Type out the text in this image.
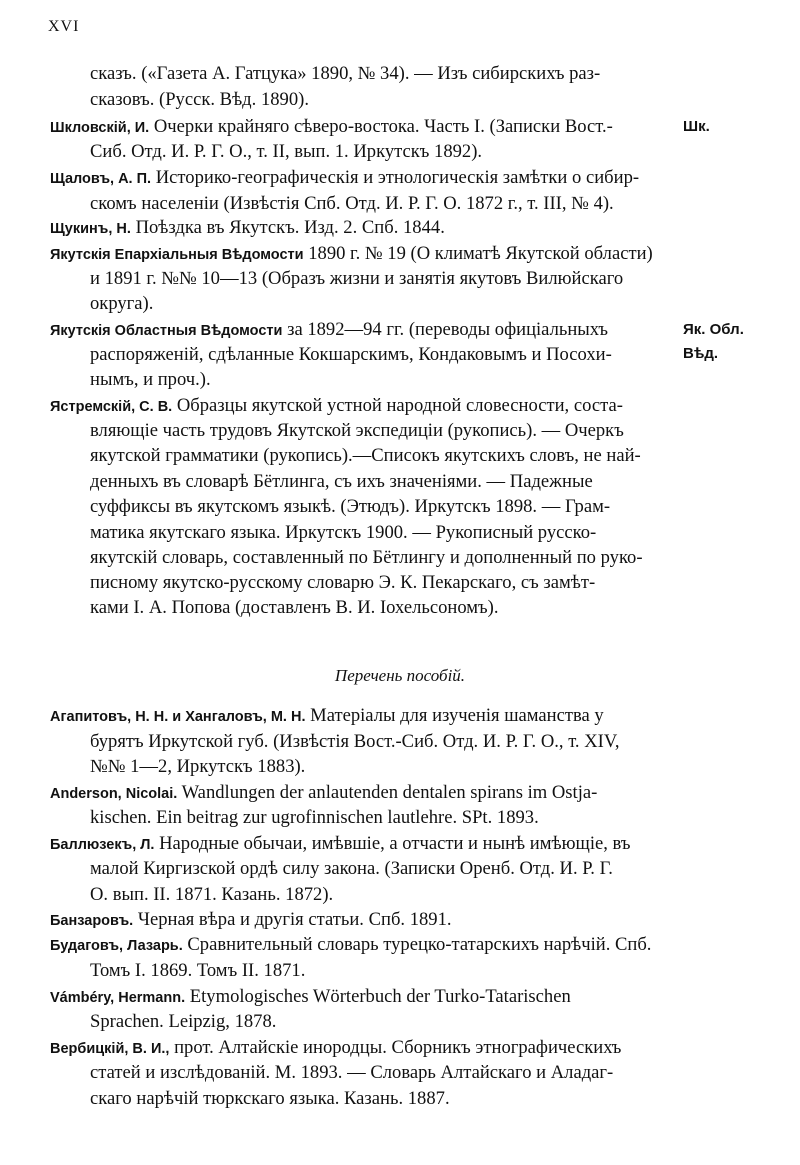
XVI
сказъ. («Газета А. Гатцука» 1890, № 34). — Изъ сибирскихъ раз-
сказовъ. (Русск. Вѣд. 1890).
Шкловскій, И. Очерки крайняго сѣверо-востока. Часть I. (Записки Вост.-	Шк.
Сиб. Отд. И. Р. Г. О., т. II, вып. 1. Иркутскъ 1892).
Щаловъ, А. П. Историко-географическія и этнологическія замѣтки о сибир-
скомъ населеніи (Извѣстія Спб. Отд. И. Р. Г. О. 1872 г., т. III, № 4).
Щукинъ, Н. Поѣздка въ Якутскъ. Изд. 2. Спб. 1844.
Якутскія Епархіальныя Вѣдомости 1890 г. № 19 (О климатѣ Якутской области)
и 1891 г. №№ 10—13 (Образъ жизни и занятія якутовъ Вилюйскаго
округа).
Якутскія Областныя Вѣдомости за 1892—94 гг. (переводы офиціальныхъ	Як. Обл. Вѣд.
распоряженій, сдѣланные Кокшарскимъ, Кондаковымъ и Посохи-
нымъ, и проч.).
Ястремскій, С. В. Образцы якутской устной народной словесности, соста-
вляющіе часть трудовъ Якутской экспедиціи (рукопись). — Очеркъ
якутской грамматики (рукопись).—Списокъ якутскихъ словъ, не най-
денныхъ въ словарѣ Бётлинга, съ ихъ значеніями. — Падежные
суффиксы въ якутскомъ языкѣ. (Этюдъ). Иркутскъ 1898. — Грам-
матика якутскаго языка. Иркутскъ 1900. — Рукописный русско-
якутскій словарь, составленный по Бётлингу и дополненный по руко-
писному якутско-русскому словарю Э. К. Пекарскаго, съ замѣт-
ками I. А. Попова (доставленъ В. И. Іохельсономъ).
Перечень пособій.
Агапитовъ, Н. Н. и Хангаловъ, М. Н. Матеріалы для изученія шаманства у
бурятъ Иркутской губ. (Извѣстія Вост.-Сиб. Отд. И. Р. Г. О., т. XIV,
№№ 1—2, Иркутскъ 1883).
Anderson, Nicolai. Wandlungen der anlautenden dentalen spirans im Ostja-
kischen. Ein beitrag zur ugrofinnischen lautlehre. SPt. 1893.
Баллюзекъ, Л. Народные обычаи, имѣвшіе, а отчасти и нынѣ имѣющіе, въ
малой Киргизской ордѣ силу закона. (Записки Оренб. Отд. И. Р. Г.
О. вып. II. 1871. Казань. 1872).
Банзаровъ. Черная вѣра и другія статьи. Спб. 1891.
Будаговъ, Лазарь. Сравнительный словарь турецко-татарскихъ нарѣчій. Спб.
Томъ I. 1869. Томъ II. 1871.
Vámbéry, Hermann. Etymologisches Wörterbuch der Turko-Tatarischen
Sprachen. Leipzig, 1878.
Вербицкій, В. И., прот. Алтайскіе инородцы. Сборникъ этнографическихъ
статей и изслѣдованій. М. 1893. — Словарь Алтайскаго и Аладаг-
скаго нарѣчій тюркскаго языка. Казань. 1887.
